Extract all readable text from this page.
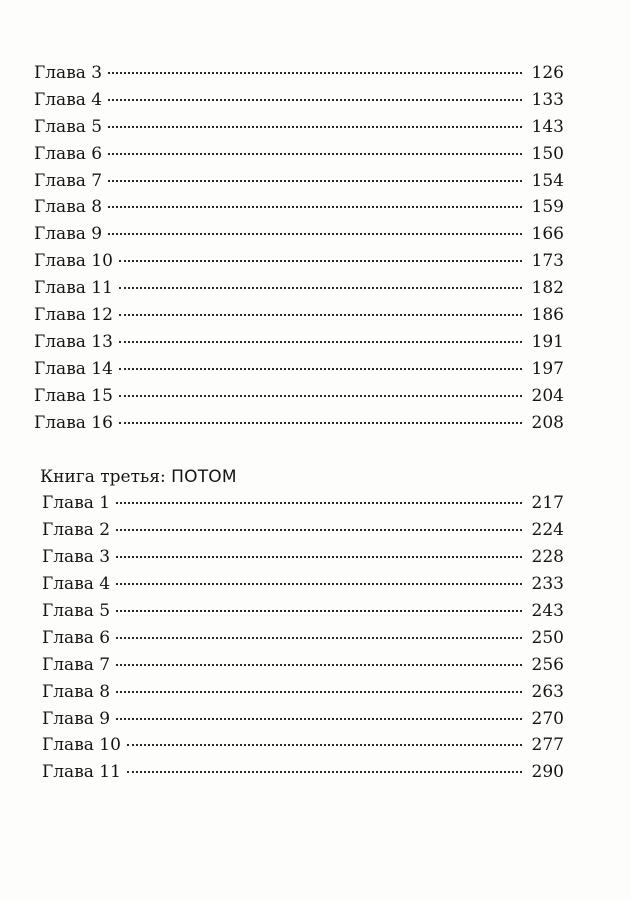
Глава 3	126
Глава 4	133
Глава 5	143
Глава 6	150
Глава 7	154
Глава 8	159
Глава 9	166
Глава 10	173
Глава 11	182
Глава 12	186
Глава 13	191
Глава 14	197
Глава 15	204
Глава 16	208
Книга третья: ПОТОМ
Глава 1	217
Глава 2	224
Глава 3	228
Глава 4	233
Глава 5	243
Глава 6	250
Глава 7	256
Глава 8	263
Глава 9	270
Глава 10	277
Глава 11	290
